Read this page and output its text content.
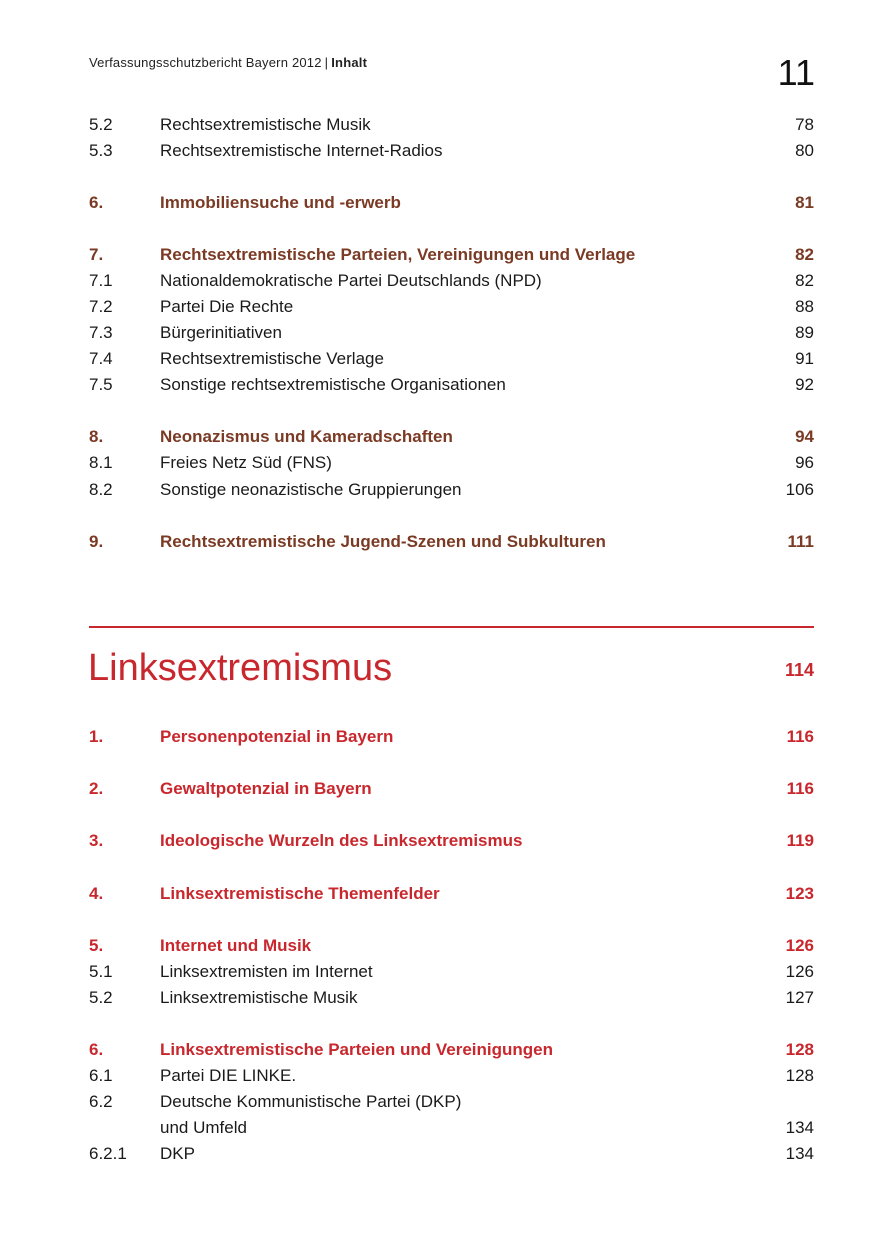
Verfassungsschutzbericht Bayern 2012 | Inhalt	11
5.2	Rechtsextremistische Musik	78
5.3	Rechtsextremistische Internet-Radios	80
6.	Immobiliensuche und -erwerb	81
7.	Rechtsextremistische Parteien, Vereinigungen und Verlage	82
7.1	Nationaldemokratische Partei Deutschlands (NPD)	82
7.2	Partei Die Rechte	88
7.3	Bürgerinitiativen	89
7.4	Rechtsextremistische Verlage	91
7.5	Sonstige rechtsextremistische Organisationen	92
8.	Neonazismus und Kameradschaften	94
8.1	Freies Netz Süd (FNS)	96
8.2	Sonstige neonazistische Gruppierungen	106
9.	Rechtsextremistische Jugend-Szenen und Subkulturen	111
Linksextremismus	114
1.	Personenpotenzial in Bayern	116
2.	Gewaltpotenzial in Bayern	116
3.	Ideologische Wurzeln des Linksextremismus	119
4.	Linksextremistische Themenfelder	123
5.	Internet und Musik	126
5.1	Linksextremisten im Internet	126
5.2	Linksextremistische Musik	127
6.	Linksextremistische Parteien und Vereinigungen	128
6.1	Partei DIE LINKE.	128
6.2	Deutsche Kommunistische Partei (DKP)
und Umfeld	134
6.2.1 DKP	134
